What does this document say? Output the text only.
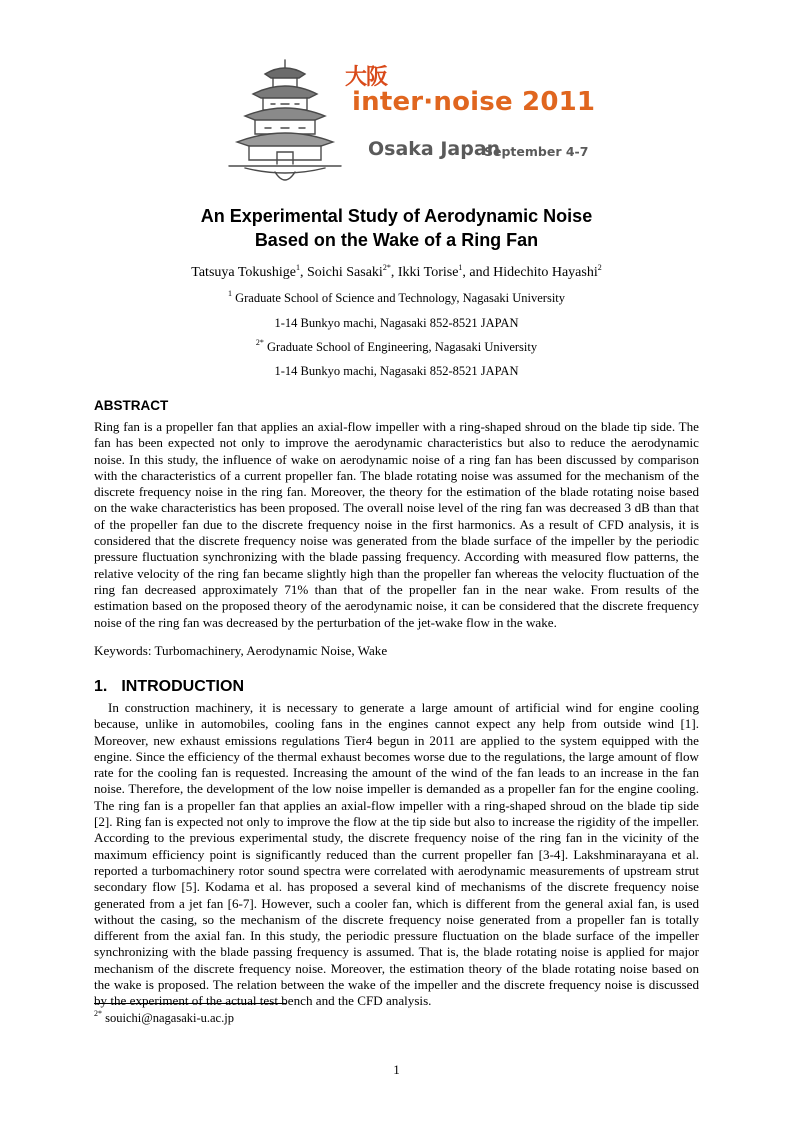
大阪
inter·noise 2011
Osaka Japan
September 4-7
An Experimental Study of Aerodynamic Noise
Based on the Wake of a Ring Fan
Tatsuya Tokushige$^1$, Soichi Sasaki$^{2*}$, Ikki Torise$^1$, and Hidechito Hayashi$^2$
$^1$ Graduate School of Science and Technology, Nagasaki University
1-14 Bunkyo machi, Nagasaki 852-8521 JAPAN
$^{2*}$ Graduate School of Engineering, Nagasaki University
1-14 Bunkyo machi, Nagasaki 852-8521 JAPAN
ABSTRACT
Ring fan is a propeller fan that applies an axial-flow impeller with a ring-shaped shroud on the blade tip side. The fan has been expected not only to improve the aerodynamic characteristics but also to reduce the aerodynamic noise. In this study, the influence of wake on aerodynamic noise of a ring fan has been discussed by comparison with the characteristics of a current propeller fan. The blade rotating noise was assumed for the mechanism of the discrete frequency noise in the ring fan. Moreover, the theory for the estimation of the blade rotating noise based on the wake characteristics has been proposed. The overall noise level of the ring fan was decreased 3 dB than that of the propeller fan due to the discrete frequency noise in the first harmonics. As a result of CFD analysis, it is considered that the discrete frequency noise was generated from the blade surface of the impeller by the periodic pressure fluctuation synchronizing with the blade passing frequency. According with measured flow patterns, the relative velocity of the ring fan became slightly high than the propeller fan whereas the velocity fluctuation of the ring fan decreased approximately 71% than that of the propeller fan in the near wake. From results of the estimation based on the proposed theory of the aerodynamic noise, it can be considered that the discrete frequency noise of the ring fan was decreased by the perturbation of the jet-wake flow in the wake.
Keywords: Turbomachinery, Aerodynamic Noise, Wake
1. INTRODUCTION
In construction machinery, it is necessary to generate a large amount of artificial wind for engine cooling because, unlike in automobiles, cooling fans in the engines cannot expect any help from outside wind [1]. Moreover, new exhaust emissions regulations Tier4 begun in 2011 are applied to the system equipped with the engine. Since the efficiency of the thermal exhaust becomes worse due to the regulations, the large amount of flow rate for the cooling fan is requested. Increasing the amount of the wind of the fan leads to an increase in the fan noise. Therefore, the development of the low noise impeller is demanded as a propeller fan for the engine cooling. The ring fan is a propeller fan that applies an axial-flow impeller with a ring-shaped shroud on the blade tip side [2]. Ring fan is expected not only to improve the flow at the tip side but also to increase the rigidity of the impeller. According to the previous experimental study, the discrete frequency noise of the ring fan in the vicinity of the maximum efficiency point is significantly reduced than the current propeller fan [3-4]. Lakshminarayana et al. reported a turbomachinery rotor sound spectra were correlated with aerodynamic measurements of upstream strut secondary flow [5]. Kodama et al. has proposed a several kind of mechanisms of the discrete frequency noise generated from a jet fan [6-7]. However, such a cooler fan, which is different from the general axial fan, is used without the casing, so the mechanism of the discrete frequency noise generated from a propeller fan is totally different from the axial fan. In this study, the periodic pressure fluctuation on the blade surface of the impeller synchronizing with the blade passing frequency is assumed. That is, the blade rotating noise is applied for major mechanism of the discrete frequency noise. Moreover, the estimation theory of the blade rotating noise based on the wake is proposed. The relation between the wake of the impeller and the discrete frequency noise is discussed by the experiment of the actual test bench and the CFD analysis.
$^{2*}$ souichi@nagasaki-u.ac.jp
1
